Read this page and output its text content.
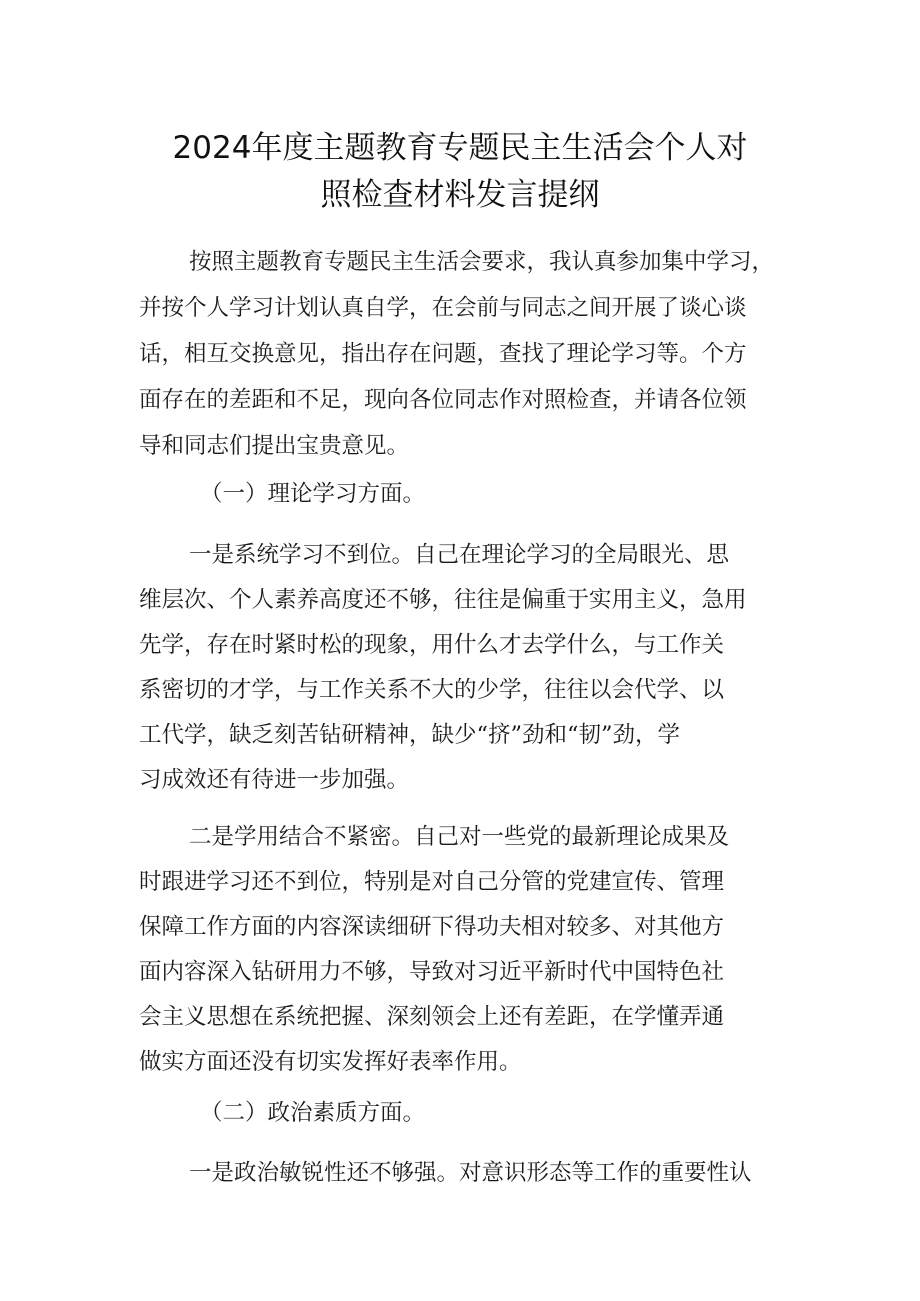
2024年度主题教育专题民主生活会个人对
照检查材料发言提纲
按照主题教育专题民主生活会要求，我认真参加集中学习，
并按个人学习计划认真自学，在会前与同志之间开展了谈心谈
话，相互交换意见，指出存在问题，查找了理论学习等。个方
面存在的差距和不足，现向各位同志作对照检查，并请各位领
导和同志们提出宝贵意见。
（一）理论学习方面。
一是系统学习不到位。自己在理论学习的全局眼光、思
维层次、个人素养高度还不够，往往是偏重于实用主义，急用
先学，存在时紧时松的现象，用什么才去学什么，与工作关
系密切的才学，与工作关系不大的少学，往往以会代学、以
工代学，缺乏刻苦钻研精神，缺少“挤”劲和“韧”劲，学
习成效还有待进一步加强。
二是学用结合不紧密。自己对一些党的最新理论成果及
时跟进学习还不到位，特别是对自己分管的党建宣传、管理
保障工作方面的内容深读细研下得功夫相对较多、对其他方
面内容深入钻研用力不够，导致对习近平新时代中国特色社
会主义思想在系统把握、深刻领会上还有差距，在学懂弄通
做实方面还没有切实发挥好表率作用。
（二）政治素质方面。
一是政治敏锐性还不够强。对意识形态等工作的重要性认
